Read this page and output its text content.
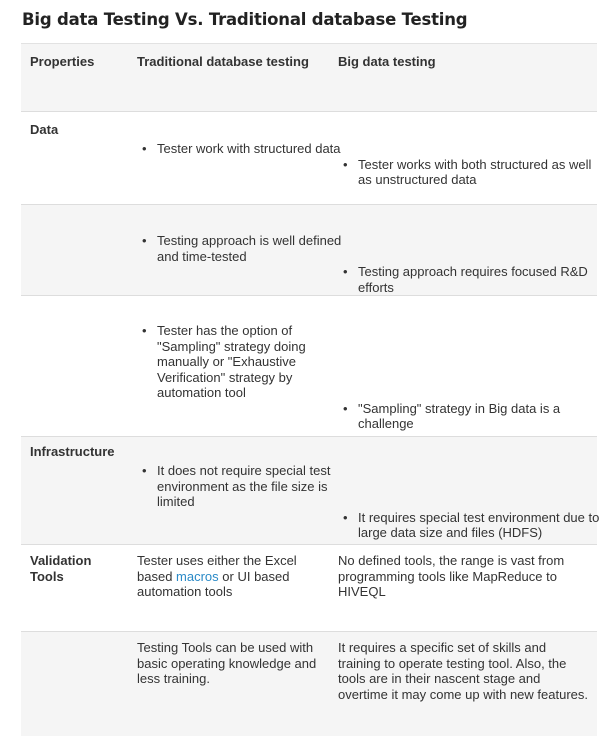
Big data Testing Vs. Traditional database Testing
Properties	Traditional database testing	Big data testing
Data
• Tester work with structured data
• Tester works with both structured as well as unstructured data
• Testing approach is well defined and time-tested
• Testing approach requires focused R&D efforts
• Tester has the option of "Sampling" strategy doing manually or "Exhaustive Verification" strategy by automation tool
• "Sampling" strategy in Big data is a challenge
Infrastructure
• It does not require special test environment as the file size is limited
• It requires special test environment due to large data size and files (HDFS)
Validation Tools
Tester uses either the Excel based macros or UI based automation tools
No defined tools, the range is vast from programming tools like MapReduce to HIVEQL
Testing Tools can be used with basic operating knowledge and less training.
It requires a specific set of skills and training to operate testing tool. Also, the tools are in their nascent stage and overtime it may come up with new features.
